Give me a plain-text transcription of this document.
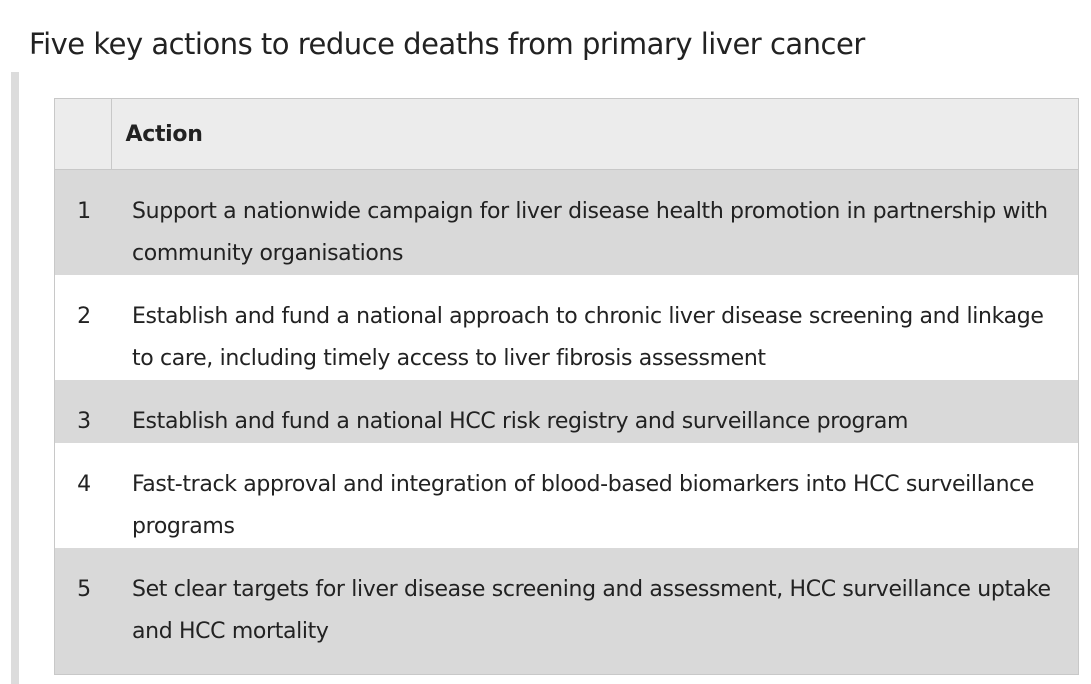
Five key actions to reduce deaths from primary liver cancer
	Action
1	Support a nationwide campaign for liver disease health promotion in partnership with community organisations
2	Establish and fund a national approach to chronic liver disease screening and linkage to care, including timely access to liver fibrosis assessment
3	Establish and fund a national HCC risk registry and surveillance program
4	Fast-track approval and integration of blood-based biomarkers into HCC surveillance programs
5	Set clear targets for liver disease screening and assessment, HCC surveillance uptake and HCC mortality
